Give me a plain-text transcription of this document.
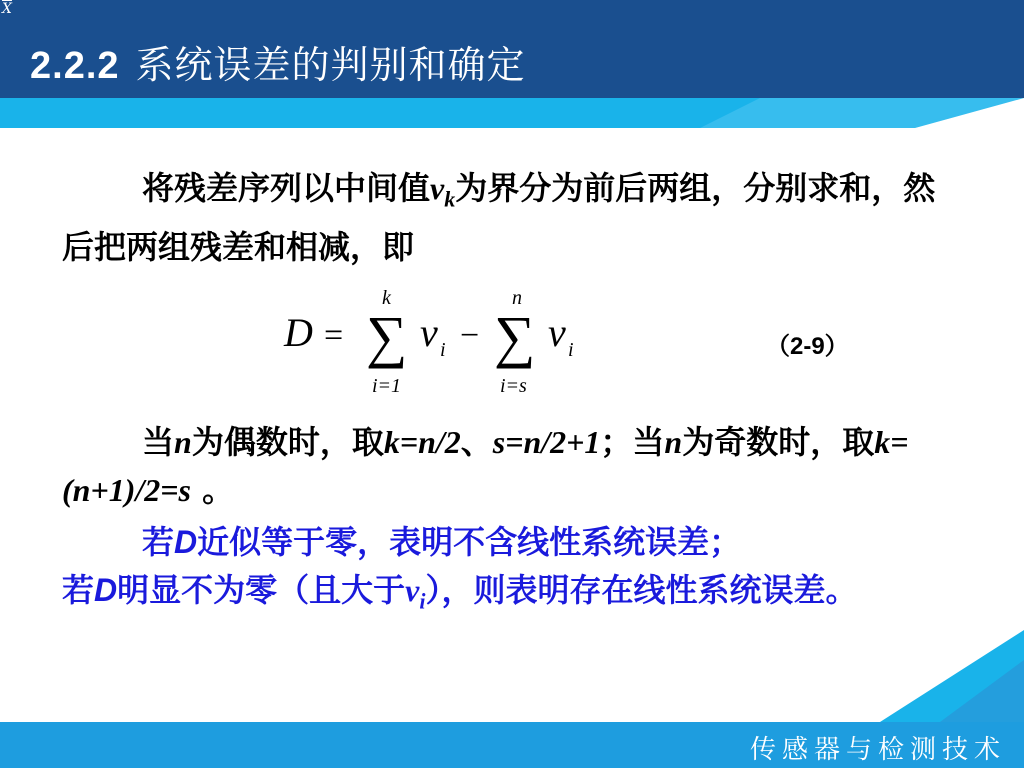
$\overline{X}$
2.2.2 系统误差的判别和确定
将残差序列以中间值$\nu_k$为界分为前后两组，分别求和，然后把两组残差和相减，即
D = ∑
k
i=1
ν i − ∑
n
i=s
ν i	（2-9）
当n为偶数时，取k=n/2、s=n/2+1；当n为奇数时，取k=(n+1)/2=s 。
若D近似等于零，表明不含线性系统误差；
若D明显不为零（且大于$\nu_i$），则表明存在线性系统误差。
传感器与检测技术
